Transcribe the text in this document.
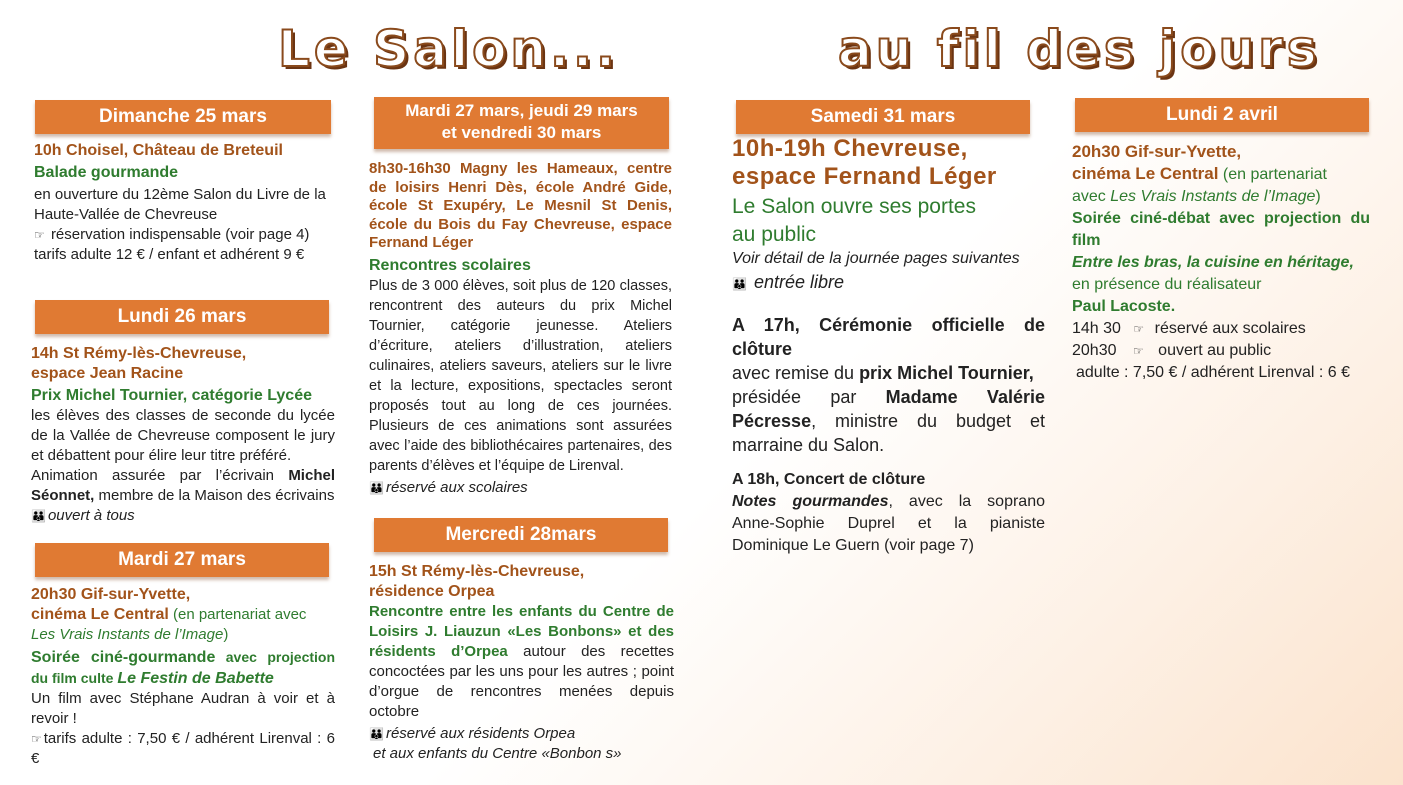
Le Salon...	au fil des jours
Dimanche 25 mars

10h Choisel, Château de Breteuil

Balade gourmande

en ouverture du 12ème Salon du Livre de la Haute-Vallée de Chevreuse

☞ réservation indispensable (voir page 4)

tarifs adulte 12 € / enfant et adhérent 9 €

Lundi 26 mars

14h St Rémy-lès-Chevreuse,

espace Jean Racine

Prix Michel Tournier, catégorie Lycée

les élèves des classes de seconde du lycée de la Vallée de Chevreuse composent le jury et débattent pour élire leur titre préféré.

Animation assurée par l’écrivain Michel Séonnet, membre de la Maison des écrivains

👪 ouvert à tous

Mardi 27 mars

20h30 Gif-sur-Yvette,

cinéma Le Central (en partenariat avec

Les Vrais Instants de l’Image)

Soirée ciné-gourmande avec projection du film culte Le Festin de Babette

Un film avec Stéphane Audran à voir et à revoir !

☞ tarifs adulte : 7,50 € / adhérent Lirenval : 6 €

Mardi 27 mars, jeudi 29 mars
et vendredi 30 mars

8h30-16h30 Magny les Hameaux, centre de loisirs Henri Dès, école André Gide, école St Exupéry, Le Mesnil St Denis, école du Bois du Fay Chevreuse, espace Fernand Léger

Rencontres scolaires

Plus de 3 000 élèves, soit plus de 120 classes, rencontrent des auteurs du prix Michel Tournier, catégorie jeunesse. Ateliers d’écriture, ateliers d’illustration, ateliers culinaires, ateliers saveurs, ateliers sur le livre et la lecture, expositions, spectacles seront proposés tout au long de ces journées. Plusieurs de ces animations sont assurées avec l’aide des bibliothécaires partenaires, des parents d’élèves et l’équipe de Lirenval.

👪 réservé aux scolaires

Mercredi 28mars

15h St Rémy-lès-Chevreuse,

résidence Orpea

Rencontre entre les enfants du Centre de Loisirs J. Liauzun «Les Bonbons» et des résidents d’Orpea autour des recettes concoctées par les uns pour les autres ; point d’orgue de rencontres menées depuis octobre

👪 réservé aux résidents Orpea

et aux enfants du Centre «Bonbon s»

Samedi 31 mars

10h-19h Chevreuse,

espace Fernand Léger

Le Salon ouvre ses portes

au public

Voir détail de la journée pages suivantes

👪 entrée libre

A 17h, Cérémonie officielle de clôture

avec remise du prix Michel Tournier,

présidée par Madame Valérie Pécresse, ministre du budget et marraine du Salon.

A 18h, Concert de clôture

Notes gourmandes, avec la soprano Anne-Sophie Duprel et la pianiste Dominique Le Guern (voir page 7)

Lundi 2 avril

20h30 Gif-sur-Yvette,

cinéma Le Central (en partenariat

avec Les Vrais Instants de l’Image)

Soirée ciné-débat avec projection du film

Entre les bras, la cuisine en héritage,

en présence du réalisateur

Paul Lacoste.

14h 30 ☞ réservé aux scolaires

20h30 ☞ ouvert au public

adulte : 7,50 € / adhérent Lirenval : 6 €
